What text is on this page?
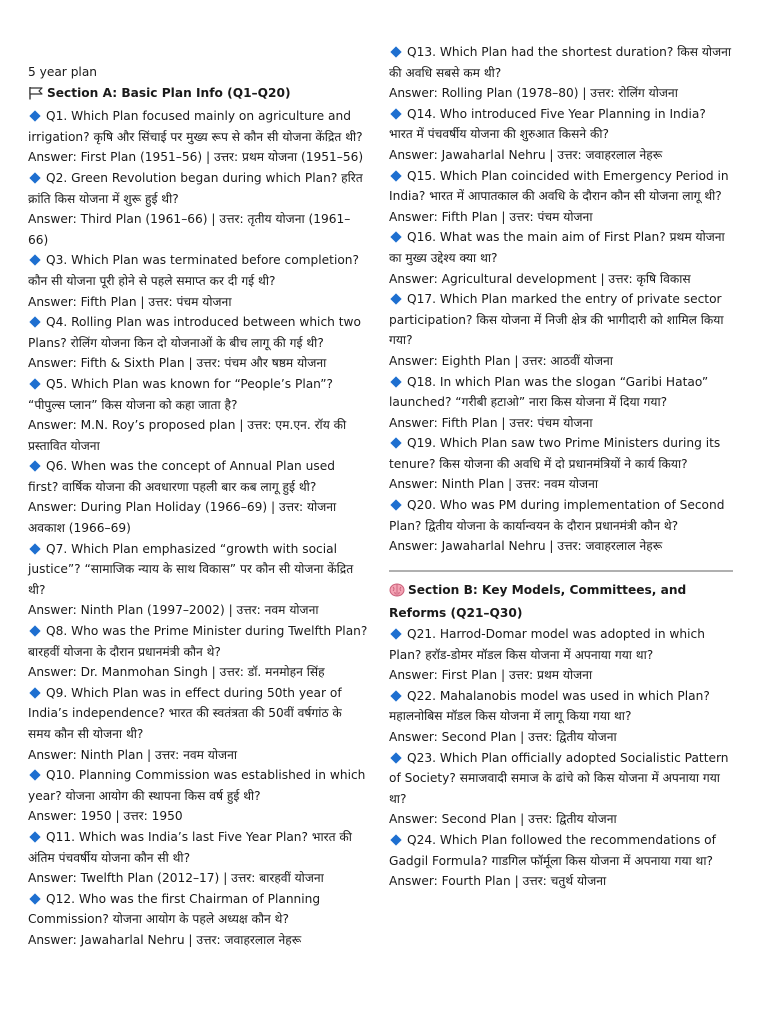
5 year plan
Section A: Basic Plan Info (Q1–Q20)
Q1. Which Plan focused mainly on agriculture and irrigation? कृषि और सिंचाई पर मुख्य रूप से कौन सी योजना केंद्रित थी?
Answer: First Plan (1951–56) | उत्तर: प्रथम योजना (1951–56)
Q2. Green Revolution began during which Plan? हरित क्रांति किस योजना में शुरू हुई थी?
Answer: Third Plan (1961–66) | उत्तर: तृतीय योजना (1961–66)
Q3. Which Plan was terminated before completion? कौन सी योजना पूरी होने से पहले समाप्त कर दी गई थी?
Answer: Fifth Plan | उत्तर: पंचम योजना
Q4. Rolling Plan was introduced between which two Plans? रोलिंग योजना किन दो योजनाओं के बीच लागू की गई थी?
Answer: Fifth & Sixth Plan | उत्तर: पंचम और षष्ठम योजना
Q5. Which Plan was known for “People’s Plan”? “पीपुल्स प्लान” किस योजना को कहा जाता है?
Answer: M.N. Roy’s proposed plan | उत्तर: एम.एन. रॉय की प्रस्तावित योजना
Q6. When was the concept of Annual Plan used first? वार्षिक योजना की अवधारणा पहली बार कब लागू हुई थी?
Answer: During Plan Holiday (1966–69) | उत्तर: योजना अवकाश (1966–69)
Q7. Which Plan emphasized “growth with social justice”? “सामाजिक न्याय के साथ विकास” पर कौन सी योजना केंद्रित थी?
Answer: Ninth Plan (1997–2002) | उत्तर: नवम योजना
Q8. Who was the Prime Minister during Twelfth Plan? बारहवीं योजना के दौरान प्रधानमंत्री कौन थे?
Answer: Dr. Manmohan Singh | उत्तर: डॉ. मनमोहन सिंह
Q9. Which Plan was in effect during 50th year of India’s independence? भारत की स्वतंत्रता की 50वीं वर्षगांठ के समय कौन सी योजना थी?
Answer: Ninth Plan | उत्तर: नवम योजना
Q10. Planning Commission was established in which year? योजना आयोग की स्थापना किस वर्ष हुई थी?
Answer: 1950 | उत्तर: 1950
Q11. Which was India’s last Five Year Plan? भारत की अंतिम पंचवर्षीय योजना कौन सी थी?
Answer: Twelfth Plan (2012–17) | उत्तर: बारहवीं योजना
Q12. Who was the first Chairman of Planning Commission? योजना आयोग के पहले अध्यक्ष कौन थे?
Answer: Jawaharlal Nehru | उत्तर: जवाहरलाल नेहरू
Q13. Which Plan had the shortest duration? किस योजना की अवधि सबसे कम थी?
Answer: Rolling Plan (1978–80) | उत्तर: रोलिंग योजना
Q14. Who introduced Five Year Planning in India? भारत में पंचवर्षीय योजना की शुरुआत किसने की?
Answer: Jawaharlal Nehru | उत्तर: जवाहरलाल नेहरू
Q15. Which Plan coincided with Emergency Period in India? भारत में आपातकाल की अवधि के दौरान कौन सी योजना लागू थी?
Answer: Fifth Plan | उत्तर: पंचम योजना
Q16. What was the main aim of First Plan? प्रथम योजना का मुख्य उद्देश्य क्या था?
Answer: Agricultural development | उत्तर: कृषि विकास
Q17. Which Plan marked the entry of private sector participation? किस योजना में निजी क्षेत्र की भागीदारी को शामिल किया गया?
Answer: Eighth Plan | उत्तर: आठवीं योजना
Q18. In which Plan was the slogan “Garibi Hatao” launched? “गरीबी हटाओ” नारा किस योजना में दिया गया?
Answer: Fifth Plan | उत्तर: पंचम योजना
Q19. Which Plan saw two Prime Ministers during its tenure? किस योजना की अवधि में दो प्रधानमंत्रियों ने कार्य किया?
Answer: Ninth Plan | उत्तर: नवम योजना
Q20. Who was PM during implementation of Second Plan? द्वितीय योजना के कार्यान्वयन के दौरान प्रधानमंत्री कौन थे?
Answer: Jawaharlal Nehru | उत्तर: जवाहरलाल नेहरू
Section B: Key Models, Committees, and Reforms (Q21–Q30)
Q21. Harrod-Domar model was adopted in which Plan? हरॉड-डोमर मॉडल किस योजना में अपनाया गया था?
Answer: First Plan | उत्तर: प्रथम योजना
Q22. Mahalanobis model was used in which Plan? महालनोबिस मॉडल किस योजना में लागू किया गया था?
Answer: Second Plan | उत्तर: द्वितीय योजना
Q23. Which Plan officially adopted Socialistic Pattern of Society? समाजवादी समाज के ढांचे को किस योजना में अपनाया गया था?
Answer: Second Plan | उत्तर: द्वितीय योजना
Q24. Which Plan followed the recommendations of Gadgil Formula? गाडगिल फॉर्मूला किस योजना में अपनाया गया था?
Answer: Fourth Plan | उत्तर: चतुर्थ योजना
